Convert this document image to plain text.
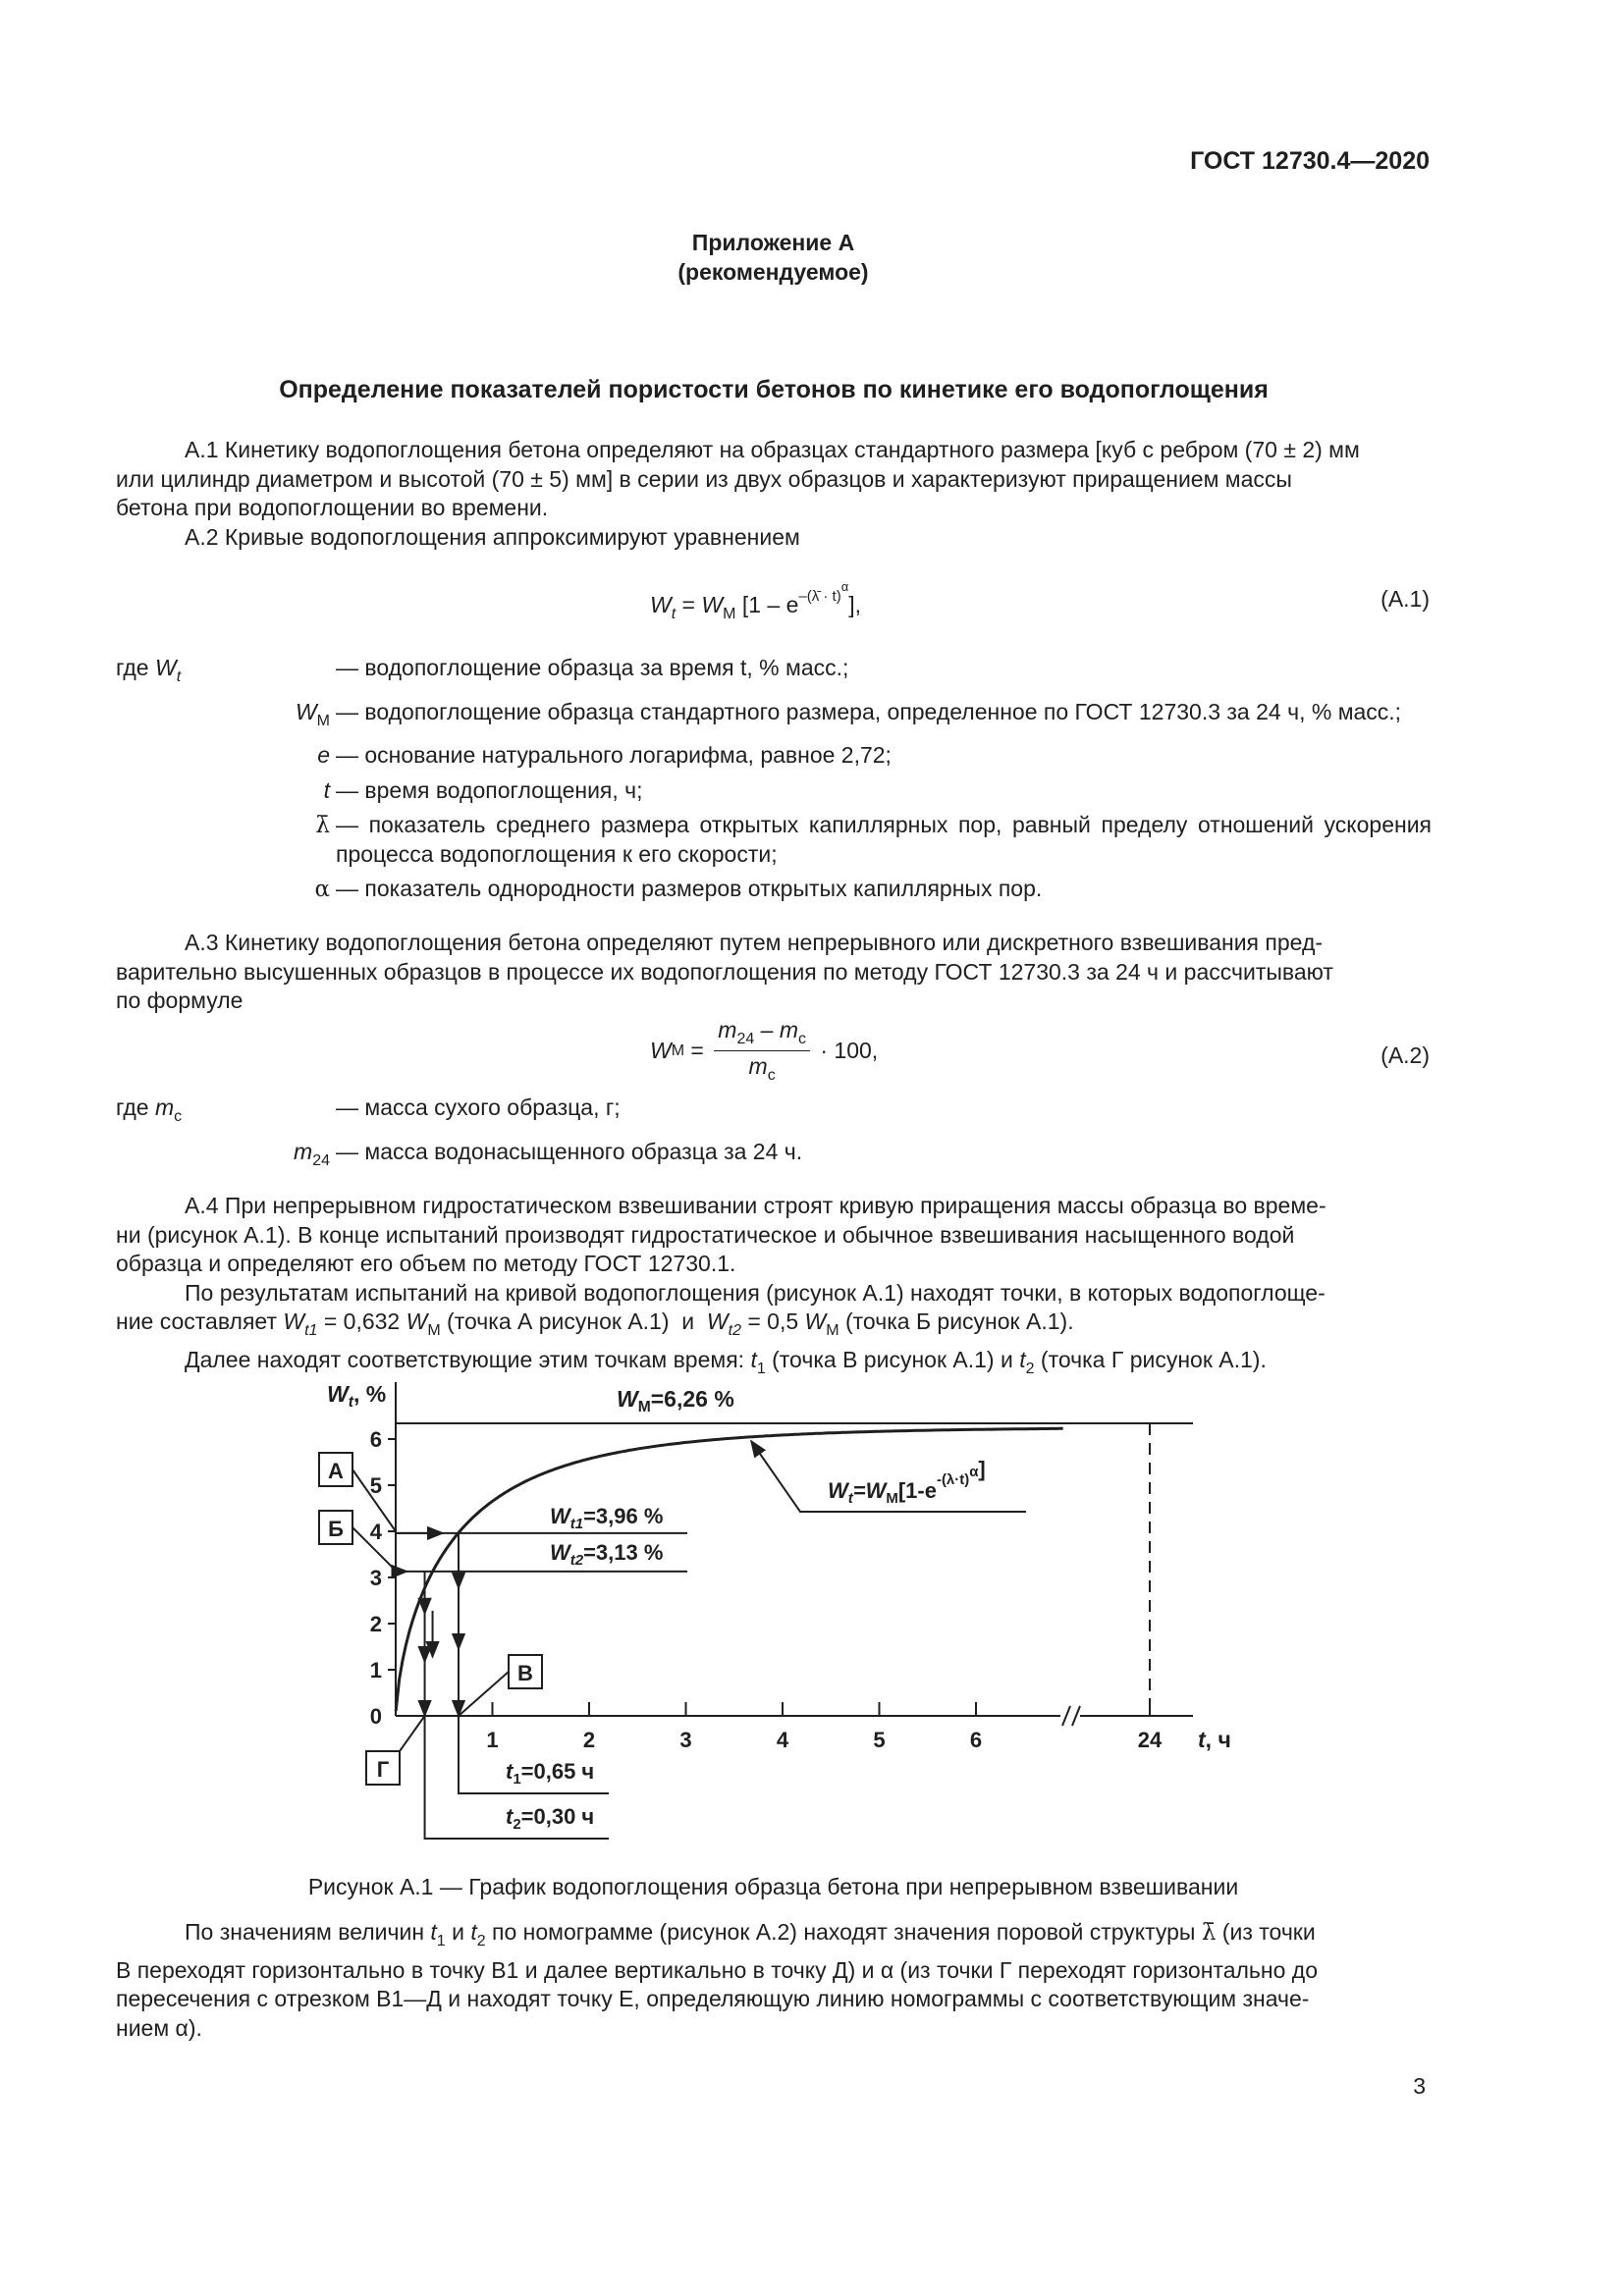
ГОСТ 12730.4—2020
Приложение А
(рекомендуемое)
Определение показателей пористости бетонов по кинетике его водопоглощения
А.1 Кинетику водопоглощения бетона определяют на образцах стандартного размера [куб с ребром (70 ± 2) мм
или цилиндр диаметром и высотой (70 ± 5) мм] в серии из двух образцов и характеризуют приращением массы
бетона при водопоглощении во времени.
А.2 Кривые водопоглощения аппроксимируют уравнением
$W_t = W_М$ $[1 - e^{-(\lambdā \cdot t)\alpha}]$,	(А.1)
где $W_t$	— водопоглощение образца за время t, % масс.;
$W_М$ — водопоглощение образца стандартного размера, определенное по ГОСТ 12730.3 за 24 ч, % масс.;
e — основание натурального логарифма, равное 2,72;
t — время водопоглощения, ч;
λ̄ — показатель среднего размера открытых капиллярных пор, равный пределу отношений ускорения процесса водопоглощения к его скорости;
α — показатель однородности размеров открытых капиллярных пор.
А.3 Кинетику водопоглощения бетона определяют путем непрерывного или дискретного взвешивания пред-
варительно высушенных образцов в процессе их водопоглощения по методу ГОСТ 12730.3 за 24 ч и рассчитывают
по формуле
W $М = \frac{m_{24} - m_с}{m_с} \cdot 100$,	(А.2)
где $m_с$	— масса сухого образца, г;
$m_{24}$ — масса водонасыщенного образца за 24 ч.
А.4 При непрерывном гидростатическом взвешивании строят кривую приращения массы образца во време-
ни (рисунок А.1). В конце испытаний производят гидростатическое и обычное взвешивания насыщенного водой
образца и определяют его объем по методу ГОСТ 12730.1.
По результатам испытаний на кривой водопоглощения (рисунок А.1) находят точки, в которых водопоглоще-
ние составляет $W_{t1} = 0,632$ $W_М$ (точка А рисунок А.1)  и  $W_{t2} = 0,5$ $W_М$ (точка Б рисунок А.1).
Далее находят соответствующие этим точкам время: $t_1$ (точка В рисунок А.1) и $t_2$ (точка Г рисунок А.1).
0
1
2
3
4
5
6
1	2	3	4	5	6	24
$W_t$, %
t, ч
//
$W_М=6,26$ %
$W_{t1}=3,96$ %
$W_{t2}=3,13$ %
$t_1=0,65$ ч
$t_2=0,30$ ч
А
Б
В
Г
$W_t=W_М[1-e^{-(\lambda\cdot t)\alpha}]$
Рисунок А.1 — График водопоглощения образца бетона при непрерывном взвешивании
По значениям величин $t_1$ и $t_2$ по номограмме (рисунок А.2) находят значения поровой структуры λ̄ (из точки
В переходят горизонтально в точку В1 и далее вертикально в точку Д) и α (из точки Г переходят горизонтально до
пересечения с отрезком В1—Д и находят точку Е, определяющую линию номограммы с соответствующим значе-
нием α).
3
